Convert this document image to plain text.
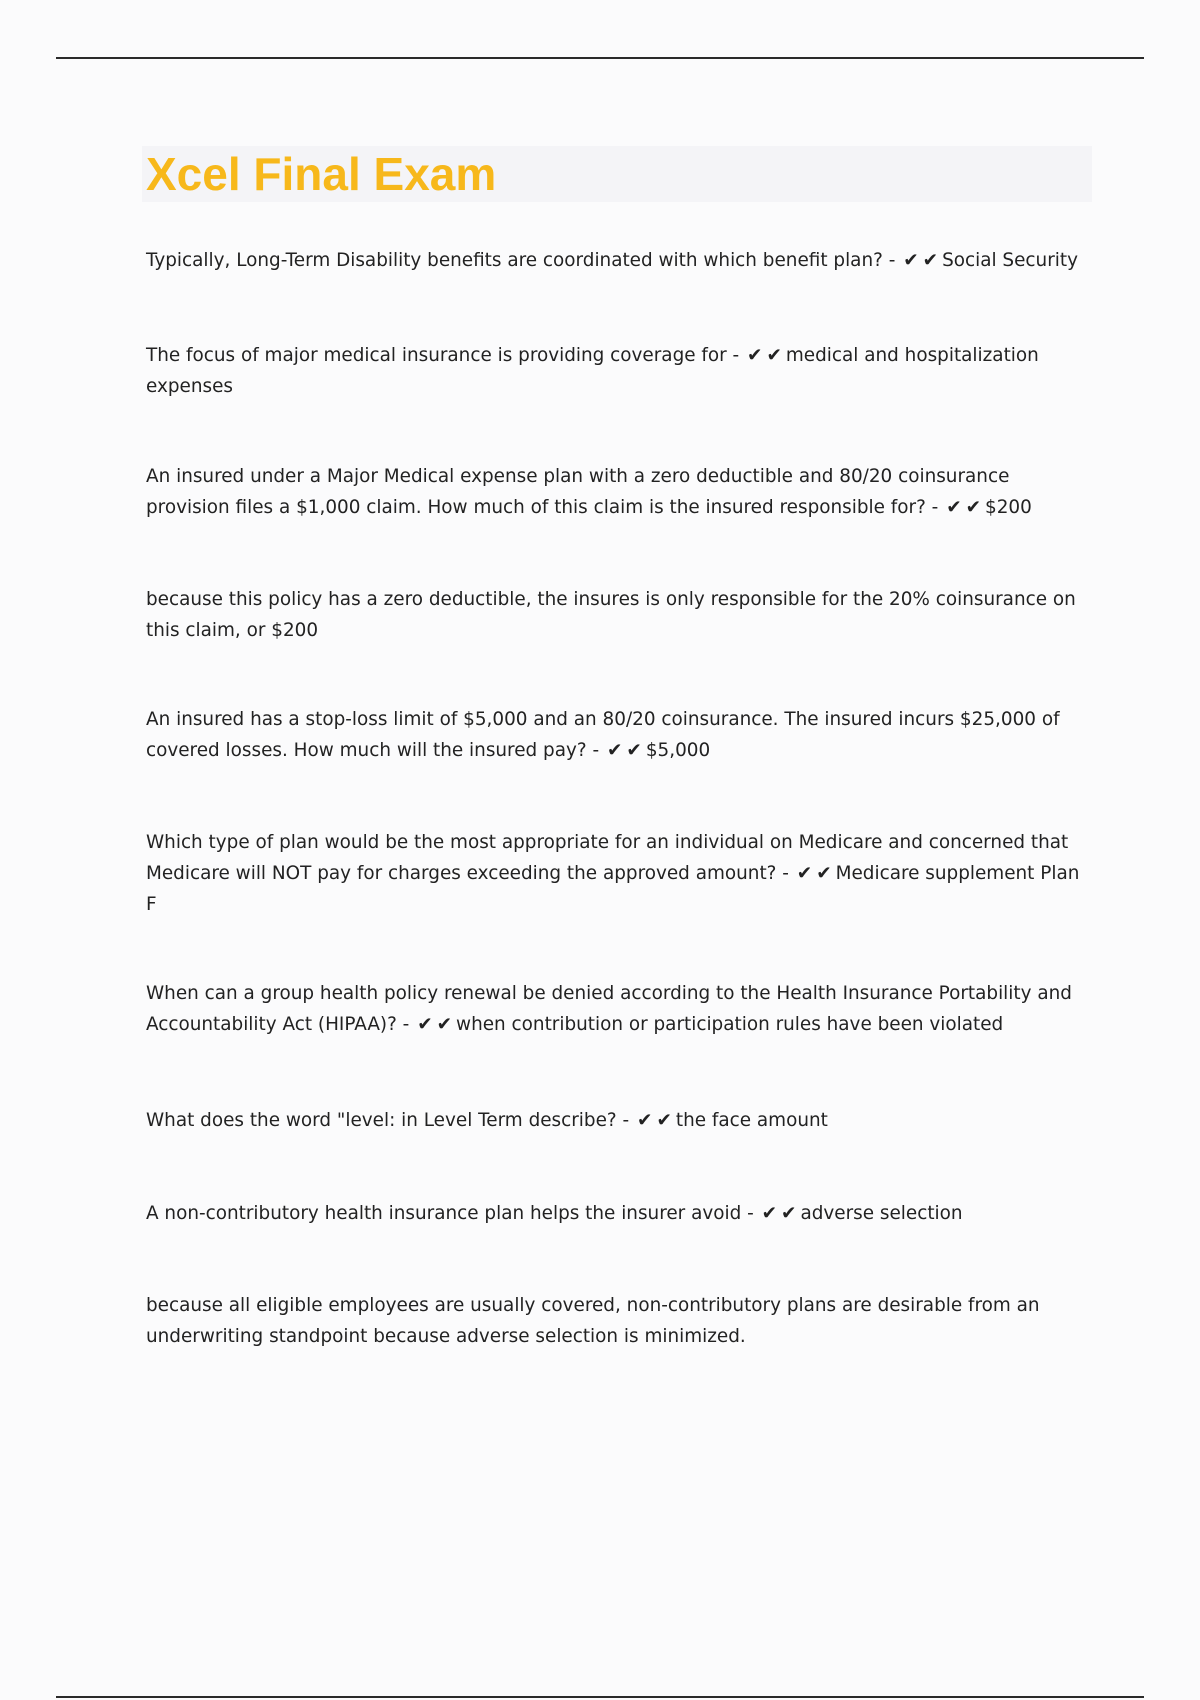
Xcel Final Exam

Typically, Long-Term Disability benefits are coordinated with which benefit plan? - ✔ ✔ Social Security

The focus of major medical insurance is providing coverage for - ✔ ✔ medical and hospitalization expenses

An insured under a Major Medical expense plan with a zero deductible and 80/20 coinsurance provision files a $1,000 claim. How much of this claim is the insured responsible for? - ✔ ✔ $200

because this policy has a zero deductible, the insures is only responsible for the 20% coinsurance on this claim, or $200

An insured has a stop-loss limit of $5,000 and an 80/20 coinsurance. The insured incurs $25,000 of covered losses. How much will the insured pay? - ✔ ✔ $5,000

Which type of plan would be the most appropriate for an individual on Medicare and concerned that Medicare will NOT pay for charges exceeding the approved amount? - ✔ ✔ Medicare supplement Plan F

When can a group health policy renewal be denied according to the Health Insurance Portability and Accountability Act (HIPAA)? - ✔ ✔ when contribution or participation rules have been violated

What does the word "level: in Level Term describe? - ✔ ✔ the face amount

A non-contributory health insurance plan helps the insurer avoid - ✔ ✔ adverse selection

because all eligible employees are usually covered, non-contributory plans are desirable from an underwriting standpoint because adverse selection is minimized.
